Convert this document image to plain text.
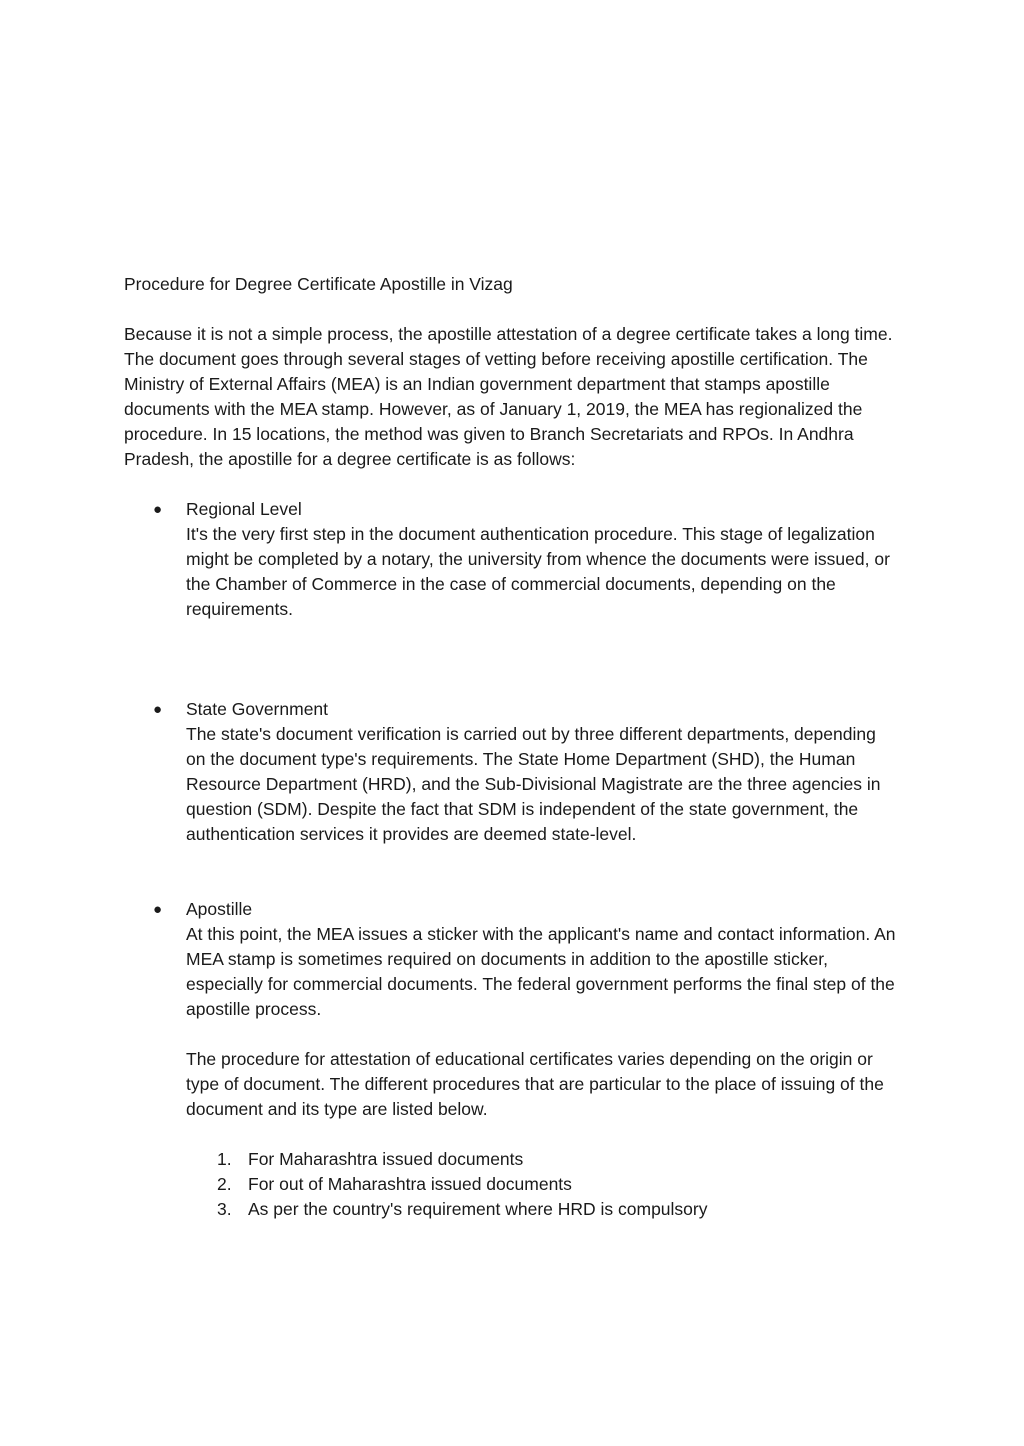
Procedure for Degree Certificate Apostille in Vizag

Because it is not a simple process, the apostille attestation of a degree certificate takes a long time. The document goes through several stages of vetting before receiving apostille certification. The Ministry of External Affairs (MEA) is an Indian government department that stamps apostille documents with the MEA stamp. However, as of January 1, 2019, the MEA has regionalized the procedure. In 15 locations, the method was given to Branch Secretariats and RPOs. In Andhra Pradesh, the apostille for a degree certificate is as follows:

● Regional Level
It's the very first step in the document authentication procedure. This stage of legalization might be completed by a notary, the university from whence the documents were issued, or the Chamber of Commerce in the case of commercial documents, depending on the requirements.
● State Government
The state's document verification is carried out by three different departments, depending on the document type's requirements. The State Home Department (SHD), the Human Resource Department (HRD), and the Sub-Divisional Magistrate are the three agencies in question (SDM). Despite the fact that SDM is independent of the state government, the authentication services it provides are deemed state-level.
● Apostille
At this point, the MEA issues a sticker with the applicant's name and contact information. An MEA stamp is sometimes required on documents in addition to the apostille sticker, especially for commercial documents. The federal government performs the final step of the apostille process.

The procedure for attestation of educational certificates varies depending on the origin or type of document. The different procedures that are particular to the place of issuing of the document and its type are listed below.

1. For Maharashtra issued documents
2. For out of Maharashtra issued documents
3. As per the country's requirement where HRD is compulsory
